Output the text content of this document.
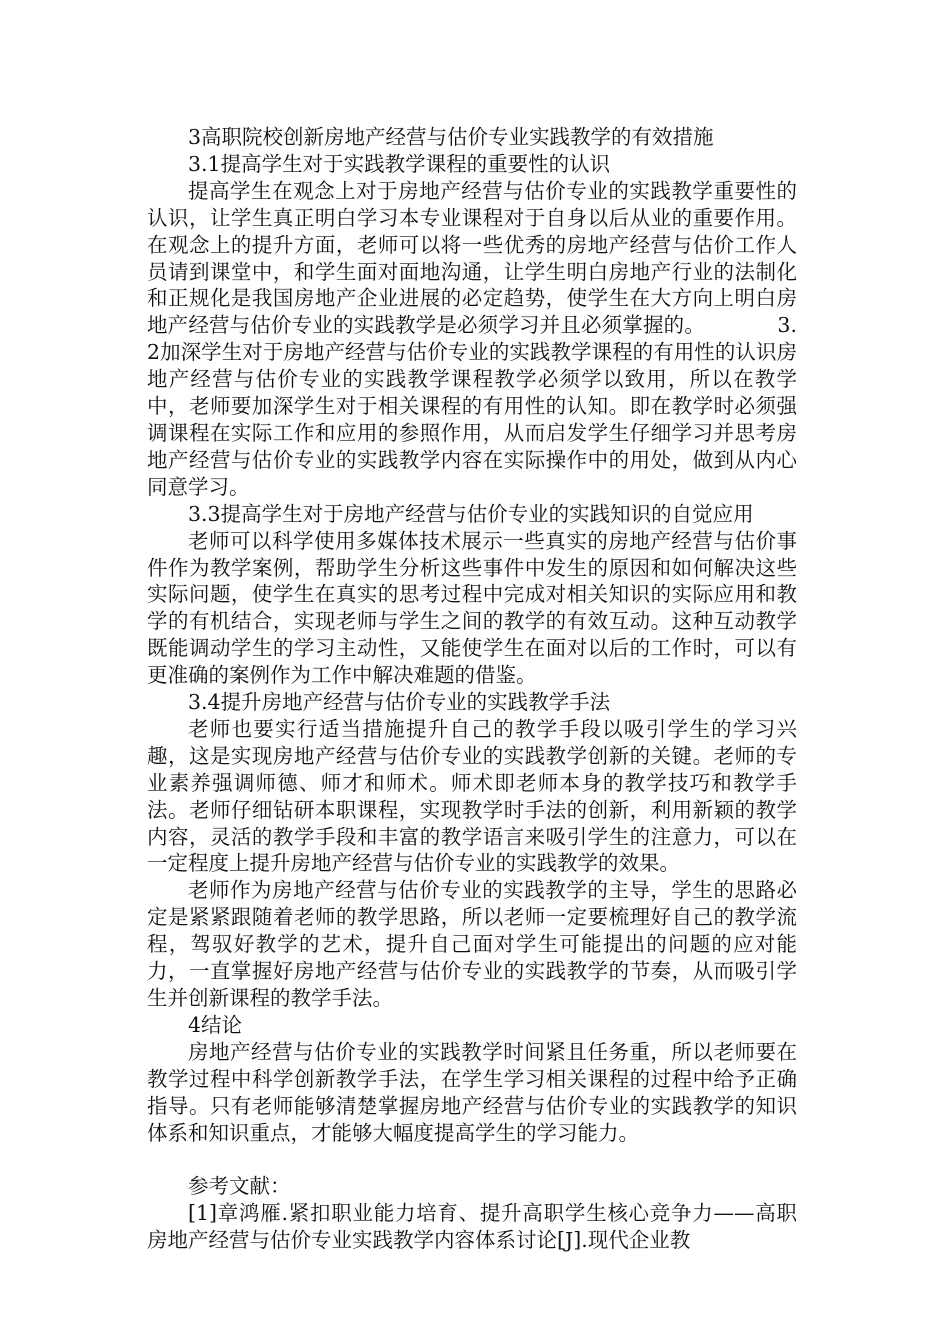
3高职院校创新房地产经营与估价专业实践教学的有效措施

3.1提高学生对于实践教学课程的重要性的认识

提高学生在观念上对于房地产经营与估价专业的实践教学重要性的认识，让学生真正明白学习本专业课程对于自身以后从业的重要作用。在观念上的提升方面，老师可以将一些优秀的房地产经营与估价工作人员请到课堂中，和学生面对面地沟通，让学生明白房地产行业的法制化和正规化是我国房地产企业进展的必定趋势，使学生在大方向上明白房地产经营与估价专业的实践教学是必须学习并且必须掌握的。　　　　3.2加深学生对于房地产经营与估价专业的实践教学课程的有用性的认识房地产经营与估价专业的实践教学课程教学必须学以致用，所以在教学中，老师要加深学生对于相关课程的有用性的认知。即在教学时必须强调课程在实际工作和应用的参照作用，从而启发学生仔细学习并思考房地产经营与估价专业的实践教学内容在实际操作中的用处，做到从内心同意学习。

3.3提高学生对于房地产经营与估价专业的实践知识的自觉应用

老师可以科学使用多媒体技术展示一些真实的房地产经营与估价事件作为教学案例，帮助学生分析这些事件中发生的原因和如何解决这些实际问题，使学生在真实的思考过程中完成对相关知识的实际应用和教学的有机结合，实现老师与学生之间的教学的有效互动。这种互动教学既能调动学生的学习主动性，又能使学生在面对以后的工作时，可以有更准确的案例作为工作中解决难题的借鉴。

3.4提升房地产经营与估价专业的实践教学手法

老师也要实行适当措施提升自己的教学手段以吸引学生的学习兴趣，这是实现房地产经营与估价专业的实践教学创新的关键。老师的专业素养强调师德、师才和师术。师术即老师本身的教学技巧和教学手法。老师仔细钻研本职课程，实现教学时手法的创新，利用新颖的教学内容，灵活的教学手段和丰富的教学语言来吸引学生的注意力，可以在一定程度上提升房地产经营与估价专业的实践教学的效果。

老师作为房地产经营与估价专业的实践教学的主导，学生的思路必定是紧紧跟随着老师的教学思路，所以老师一定要梳理好自己的教学流程，驾驭好教学的艺术，提升自己面对学生可能提出的问题的应对能力，一直掌握好房地产经营与估价专业的实践教学的节奏，从而吸引学生并创新课程的教学手法。

4结论

房地产经营与估价专业的实践教学时间紧且任务重，所以老师要在教学过程中科学创新教学手法，在学生学习相关课程的过程中给予正确指导。只有老师能够清楚掌握房地产经营与估价专业的实践教学的知识体系和知识重点，才能够大幅度提高学生的学习能力。

参考文献：

[1]章鸿雁.紧扣职业能力培育、提升高职学生核心竞争力——高职房地产经营与估价专业实践教学内容体系讨论[J].现代企业教
